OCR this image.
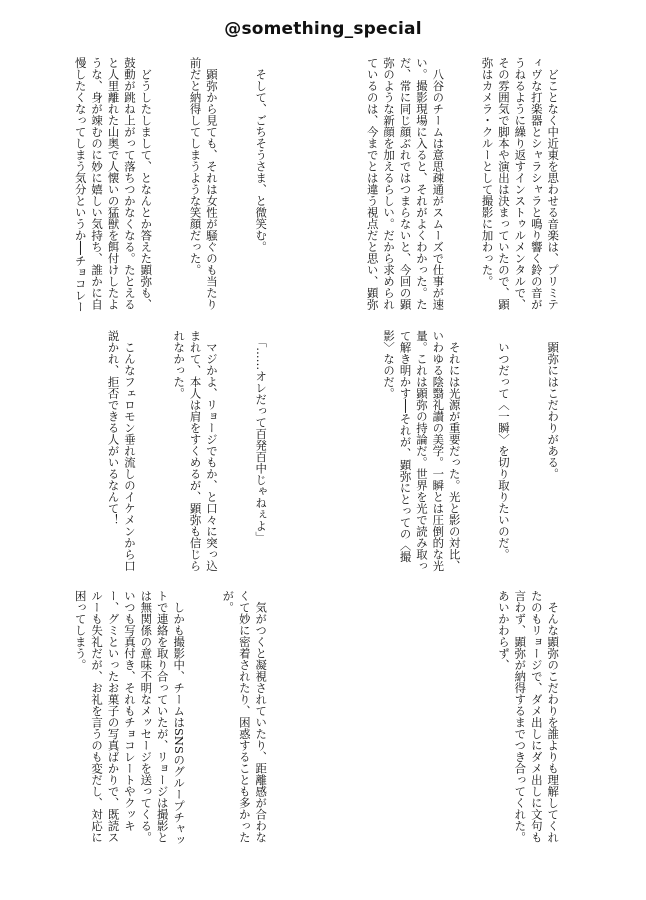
@something_special

　どことなく中近東を思わせる音楽は、プリミティヴな打楽器とシャラシャラと鳴り響く鈴の音がうねるように繰り返すインストゥルメンタルで、その雰囲気で脚本や演出は決まっていたので、顕弥はカメラ・クルーとして撮影に加わった。

　八谷のチームは意思疎通がスムーズで仕事が速い。撮影現場に入ると、それがよくわかった。ただ、常に同じ顔ぶれではつまらないと、今回の顕弥のような新顔を加えるらしい。だから求められているのは、今までとは違う視点だと思い、顕弥

　顕弥にはこだわりがある。

　いつだって〈一瞬〉を切り取りたいのだ。

　それには光源が重要だった。光と影の対比、いわゆる陰翳礼讃の美学。一瞬とは圧倒的な光量。これは顕弥の持論だ。世界を光で読み取って解き明かす──それが、顕弥にとっての〈撮影〉なのだ。

　そんな顕弥のこだわりを誰よりも理解してくれたのもリョージで、ダメ出しにダメ出しに文句も言わず、顕弥が納得するまでつき合ってくれた。あいかわらず、

　そして、ごちそうさま、と微笑む。

　顕弥から見ても、それは女性が騒ぐのも当たり前だと納得してしまうような笑顔だった。

　どうしたしまして、となんとか答えた顕弥も、鼓動が跳ね上がって落ちつかなくなる。たとえると人里離れた山奥で人懐いの猛獣を餌付けしたような、身が竦むのに妙に嬉しい気持ち、誰かに自慢したくなってしまう気分というか──チョコレー　　

　「……オレだって百発百中じゃねぇよ」

　マジかよ、リョージでもか、と口々に突っ込まれて、本人は肩をすくめるが、顕弥も信じられなかった。

　こんなフェロモン垂れ流しのイケメンから口説かれ、拒否できる人がいるなんて！

　気がつくと凝視されていたり、距離感が合わなくて妙に密着されたり、困惑することも多かったが。

　しかも撮影中、チームはSNSのグループチャットで連絡を取り合っていたが、リョージは撮影とは無関係の意味不明なメッセージを送ってくる。いつも写真付き、それもチョコレートやクッキー、グミといったお菓子の写真ばかりで、既読スルーも失礼だが、お礼を言うのも変だし、対応に困ってしまう。
